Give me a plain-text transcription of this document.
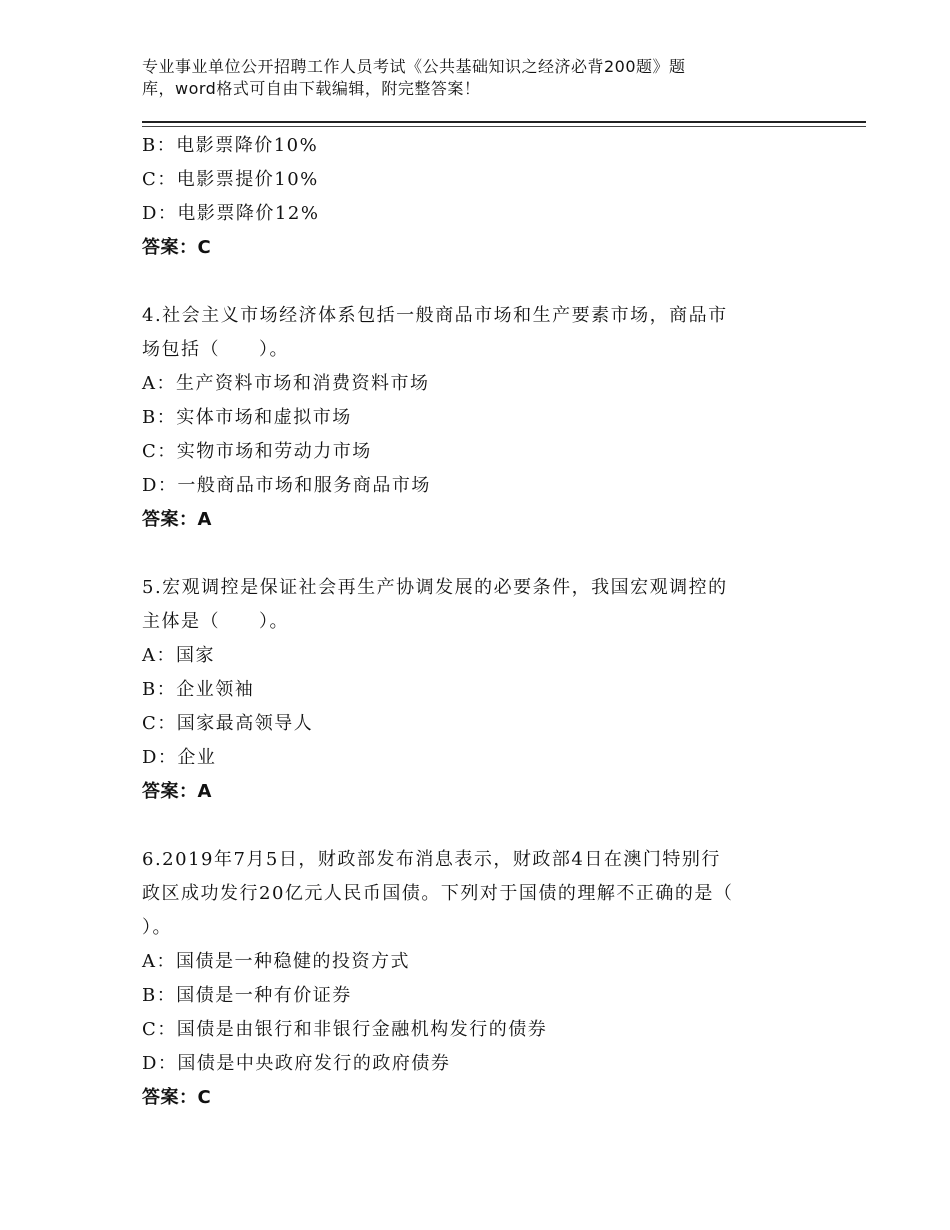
专业事业单位公开招聘工作人员考试《公共基础知识之经济必背200题》题
库，word格式可自由下载编辑，附完整答案！
B：电影票降价10%
C：电影票提价10%
D：电影票降价12%
答案：C
4.社会主义市场经济体系包括一般商品市场和生产要素市场，商品市
场包括（　　）。
A：生产资料市场和消费资料市场
B：实体市场和虚拟市场
C：实物市场和劳动力市场
D：一般商品市场和服务商品市场
答案：A
5.宏观调控是保证社会再生产协调发展的必要条件，我国宏观调控的
主体是（　　）。
A：国家
B：企业领袖
C：国家最高领导人
D：企业
答案：A
6.2019年7月5日，财政部发布消息表示，财政部4日在澳门特别行
政区成功发行20亿元人民币国债。下列对于国债的理解不正确的是（
）。
A：国债是一种稳健的投资方式
B：国债是一种有价证券
C：国债是由银行和非银行金融机构发行的债券
D：国债是中央政府发行的政府债券
答案：C
